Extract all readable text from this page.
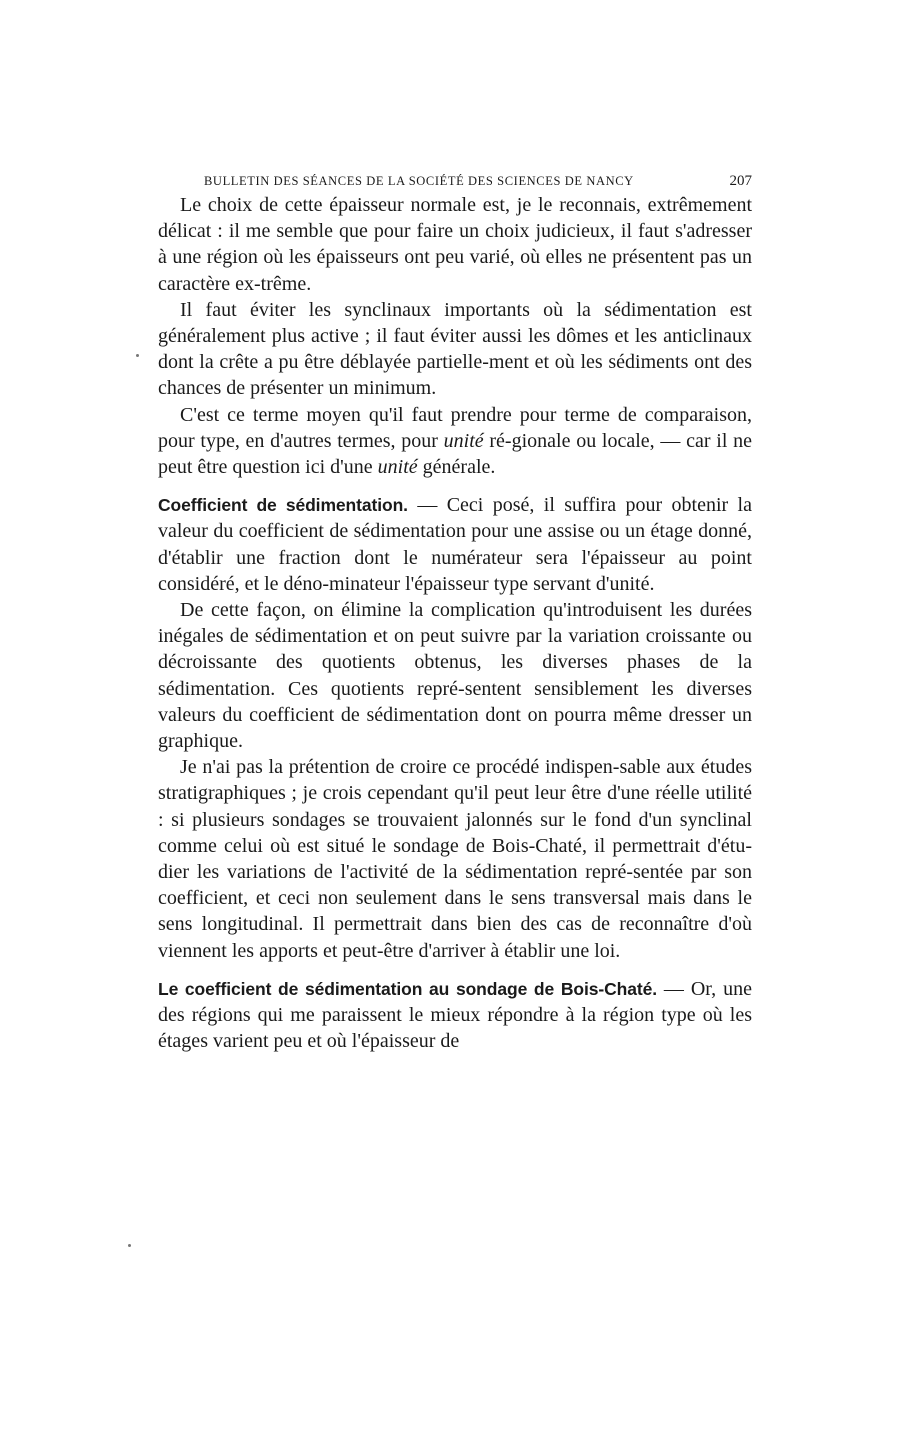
BULLETIN DES SÉANCES DE LA SOCIÉTÉ DES SCIENCES DE NANCY	207

Le choix de cette épaisseur normale est, je le reconnais, extrêmement délicat : il me semble que pour faire un choix judicieux, il faut s'adresser à une région où les épaisseurs ont peu varié, où elles ne présentent pas un caractère ex-trême.

Il faut éviter les synclinaux importants où la sédimentation est généralement plus active ; il faut éviter aussi les dômes et les anticlinaux dont la crête a pu être déblayée partielle-ment et où les sédiments ont des chances de présenter un minimum.

C'est ce terme moyen qu'il faut prendre pour terme de comparaison, pour type, en d'autres termes, pour unité ré-gionale ou locale, — car il ne peut être question ici d'une unité générale.

Coefficient de sédimentation. — Ceci posé, il suffira pour obtenir la valeur du coefficient de sédimentation pour une assise ou un étage donné, d'établir une fraction dont le numérateur sera l'épaisseur au point considéré, et le déno-minateur l'épaisseur type servant d'unité.

De cette façon, on élimine la complication qu'introduisent les durées inégales de sédimentation et on peut suivre par la variation croissante ou décroissante des quotients obtenus, les diverses phases de la sédimentation. Ces quotients repré-sentent sensiblement les diverses valeurs du coefficient de sédimentation dont on pourra même dresser un graphique.

Je n'ai pas la prétention de croire ce procédé indispen-sable aux études stratigraphiques ; je crois cependant qu'il peut leur être d'une réelle utilité : si plusieurs sondages se trouvaient jalonnés sur le fond d'un synclinal comme celui où est situé le sondage de Bois-Chaté, il permettrait d'étu-dier les variations de l'activité de la sédimentation repré-sentée par son coefficient, et ceci non seulement dans le sens transversal mais dans le sens longitudinal. Il permettrait dans bien des cas de reconnaître d'où viennent les apports et peut-être d'arriver à établir une loi.

Le coefficient de sédimentation au sondage de Bois-Chaté. — Or, une des régions qui me paraissent le mieux répondre à la région type où les étages varient peu et où l'épaisseur de
